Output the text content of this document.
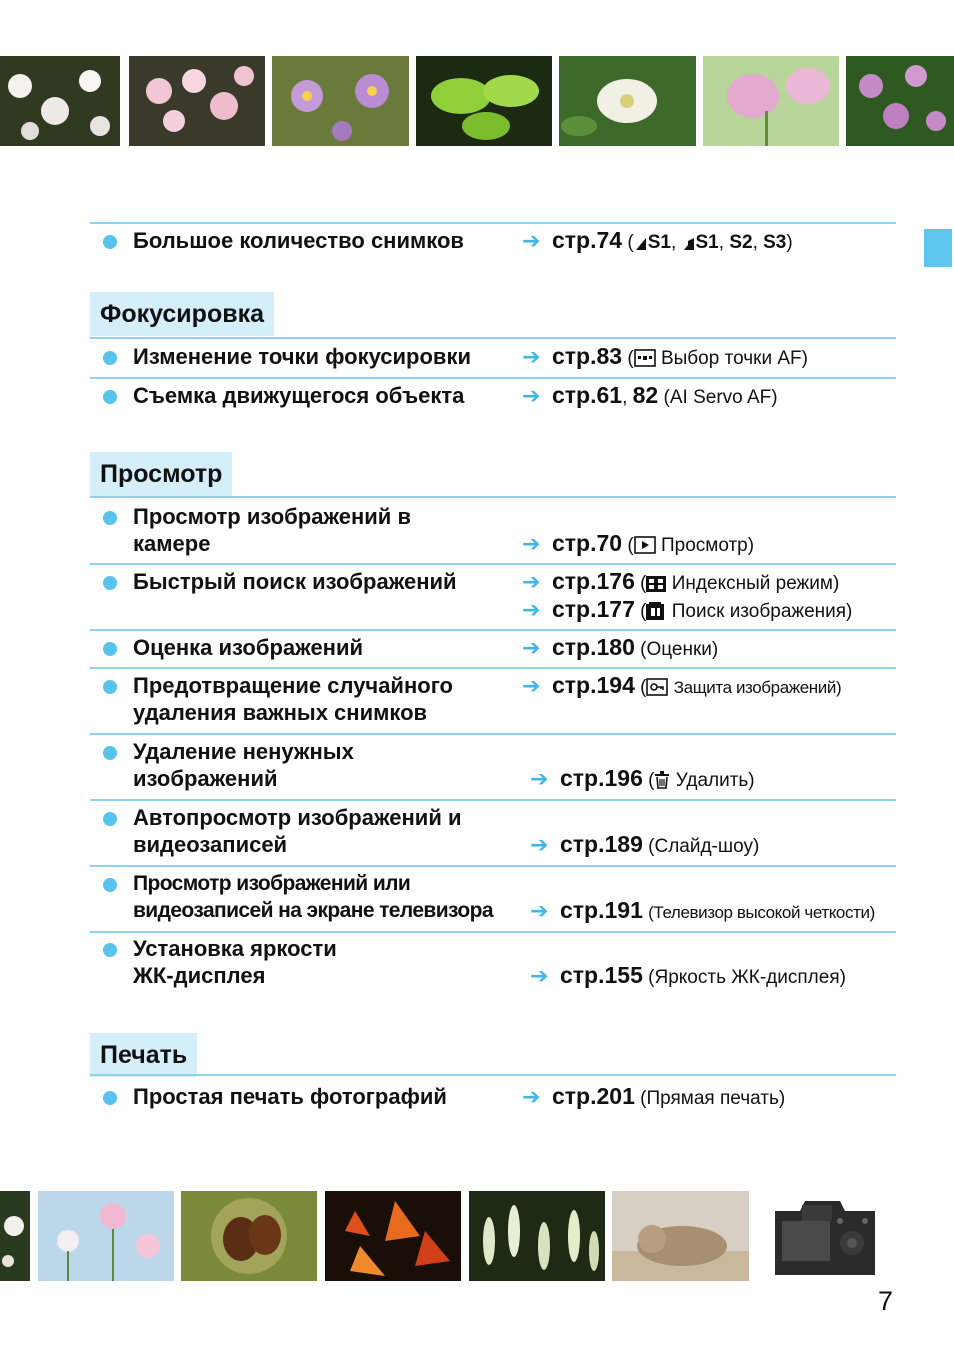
Большое количество снимков	➔ стр.74 ( S1, S1, S2, S3)
Фокусировка
Изменение точки фокусировки ➔ стр.83 ( Выбор точки AF)
Съемка движущегося объекта	➔ стр.61, 82 (AI Servo AF)
Просмотр
Просмотр изображений в
камере	➔ стр.70 ( Просмотр)
Быстрый поиск изображений	➔ стр.176 ( Индексный режим)
➔ стр.177 ( Поиск изображения)
Оценка изображений	➔ стр.180 (Оценки)
Предотвращение случайного
удаления важных снимков
➔ стр.194 ( Защита изображений)
Удаление ненужных
изображений	➔ стр.196 ( Удалить)
Автопросмотр изображений и
видеозаписей	➔ стр.189 (Слайд-шоу)
Просмотр изображений или
видеозаписей на экране телевизора ➔ стр.191 (Телевизор высокой четкости)
Установка яркости
ЖК-дисплея	➔ стр.155 (Яркость ЖК-дисплея)
Печать
Простая печать фотографий	➔ стр.201 (Прямая печать)
7
